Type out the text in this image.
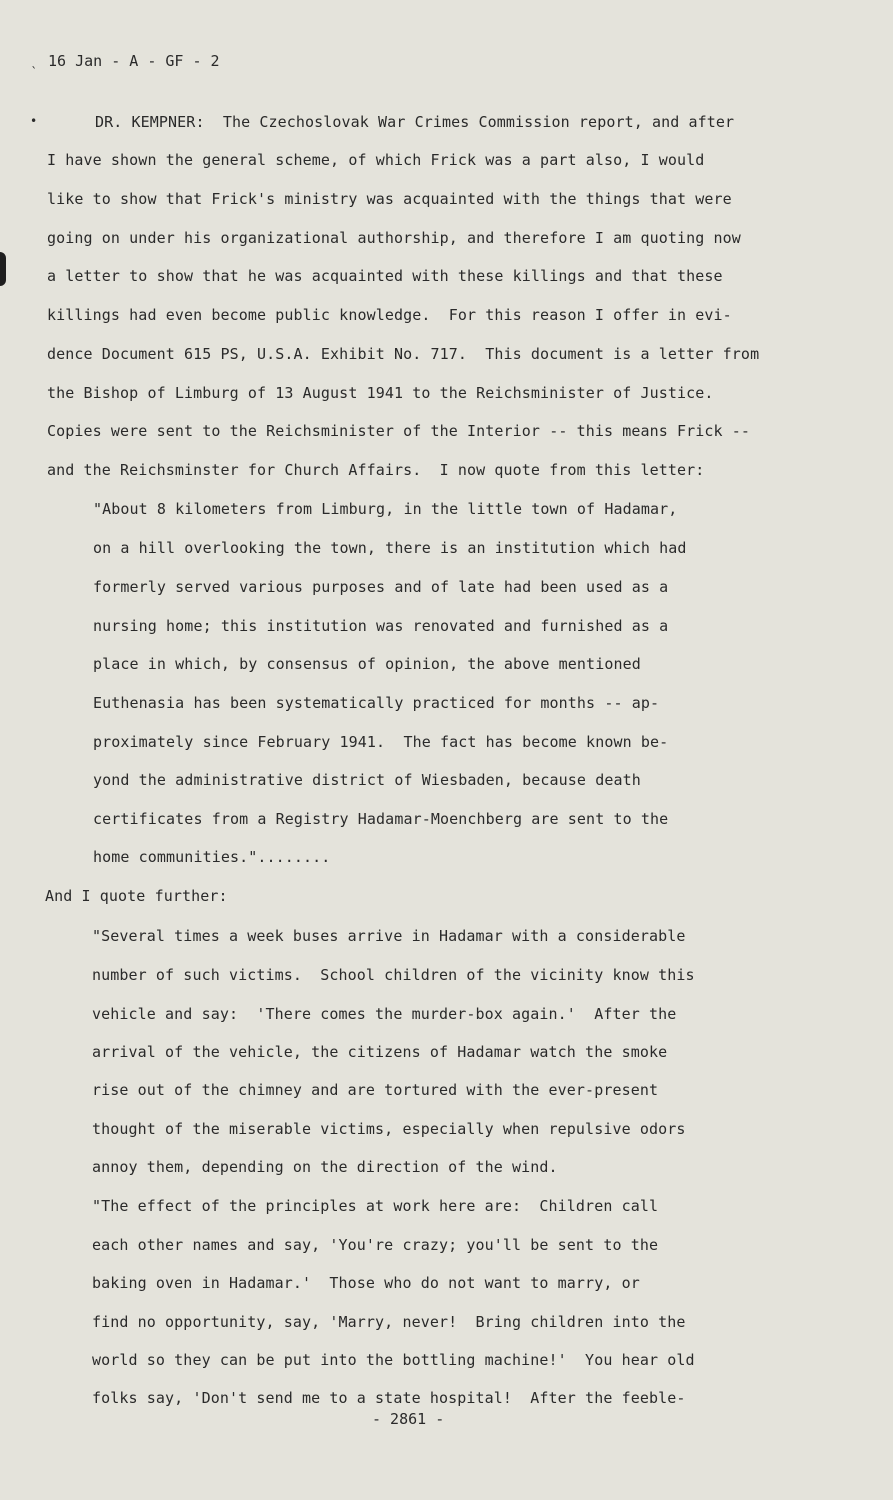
ˎ 16 Jan - A - GF - 2
•	DR. KEMPNER:  The Czechoslovak War Crimes Commission report, and after
I have shown the general scheme, of which Frick was a part also, I would
like to show that Frick's ministry was acquainted with the things that were
going on under his organizational authorship, and therefore I am quoting now
a letter to show that he was acquainted with these killings and that these
killings had even become public knowledge.  For this reason I offer in evi-
dence Document 615 PS, U.S.A. Exhibit No. 717.  This document is a letter from
the Bishop of Limburg of 13 August 1941 to the Reichsminister of Justice.
Copies were sent to the Reichsminister of the Interior -- this means Frick --
and the Reichsminster for Church Affairs.  I now quote from this letter:
"About 8 kilometers from Limburg, in the little town of Hadamar,
on a hill overlooking the town, there is an institution which had
formerly served various purposes and of late had been used as a
nursing home; this institution was renovated and furnished as a
place in which, by consensus of opinion, the above mentioned
Euthenasia has been systematically practiced for months -- ap-
proximately since February 1941.  The fact has become known be-
yond the administrative district of Wiesbaden, because death
certificates from a Registry Hadamar-Moenchberg are sent to the
home communities."........
And I quote further:
"Several times a week buses arrive in Hadamar with a considerable
number of such victims.  School children of the vicinity know this
vehicle and say:  'There comes the murder-box again.'  After the
arrival of the vehicle, the citizens of Hadamar watch the smoke
rise out of the chimney and are tortured with the ever-present
thought of the miserable victims, especially when repulsive odors
annoy them, depending on the direction of the wind.
"The effect of the principles at work here are:  Children call
each other names and say, 'You're crazy; you'll be sent to the
baking oven in Hadamar.'  Those who do not want to marry, or
find no opportunity, say, 'Marry, never!  Bring children into the
world so they can be put into the bottling machine!'  You hear old
folks say, 'Don't send me to a state hospital!  After the feeble-
- 2861 -
